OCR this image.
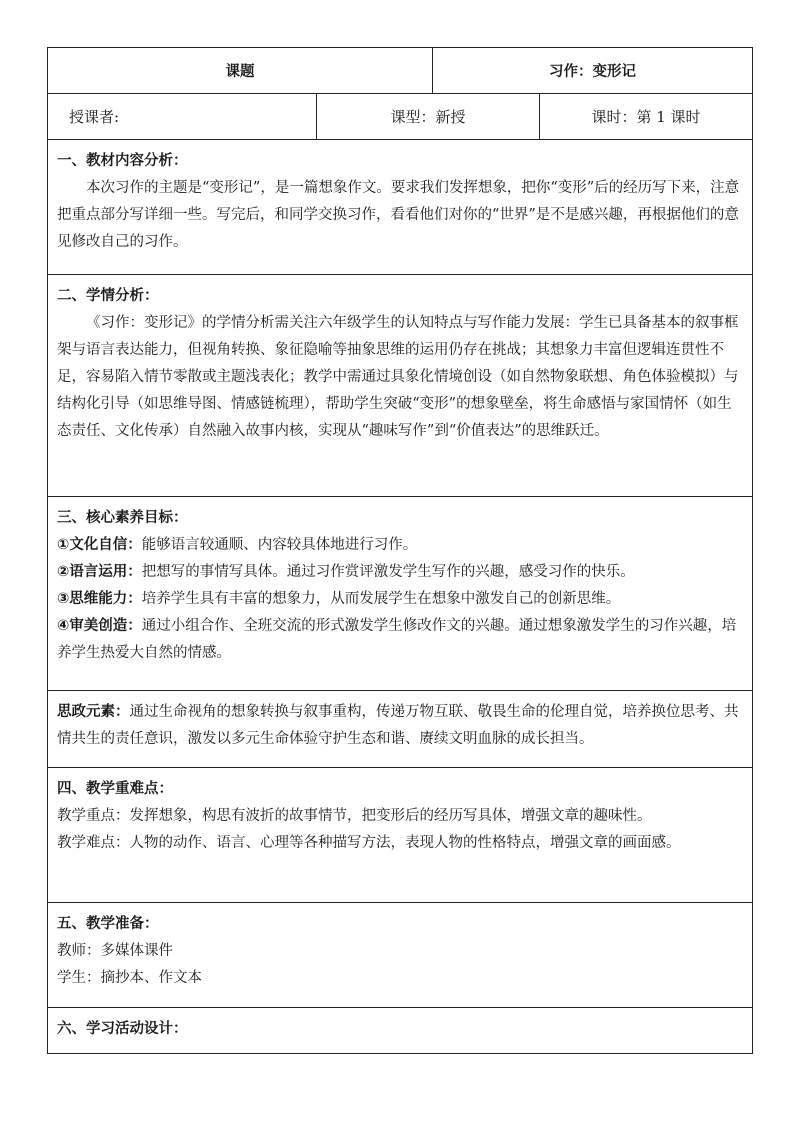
课题	习作：变形记
授课者:	课型：新授	课时：第 1 课时
一、教材内容分析：

本次习作的主题是“变形记”，是一篇想象作文。要求我们发挥想象，把你“变形”后的经历写下来，注意把重点部分写详细一些。写完后，和同学交换习作，看看他们对你的“世界”是不是感兴趣，再根据他们的意见修改自己的习作。

二、学情分析：

《习作：变形记》的学情分析需关注六年级学生的认知特点与写作能力发展：学生已具备基本的叙事框架与语言表达能力，但视角转换、象征隐喻等抽象思维的运用仍存在挑战；其想象力丰富但逻辑连贯性不足，容易陷入情节零散或主题浅表化；教学中需通过具象化情境创设（如自然物象联想、角色体验模拟）与结构化引导（如思维导图、情感链梳理），帮助学生突破“变形”的想象壁垒，将生命感悟与家国情怀（如生态责任、文化传承）自然融入故事内核，实现从“趣味写作”到“价值表达”的思维跃迁。

三、核心素养目标：

①文化自信：能够语言较通顺、内容较具体地进行习作。

②语言运用：把想写的事情写具体。通过习作赏评激发学生写作的兴趣，感受习作的快乐。

③思维能力：培养学生具有丰富的想象力，从而发展学生在想象中激发自己的创新思维。

④审美创造：通过小组合作、全班交流的形式激发学生修改作文的兴趣。通过想象激发学生的习作兴趣，培养学生热爱大自然的情感。

思政元素：通过生命视角的想象转换与叙事重构，传递万物互联、敬畏生命的伦理自觉，培养换位思考、共情共生的责任意识，激发以多元生命体验守护生态和谐、赓续文明血脉的成长担当。

四、教学重难点：

教学重点：发挥想象，构思有波折的故事情节，把变形后的经历写具体，增强文章的趣味性。

教学难点：人物的动作、语言、心理等各种描写方法，表现人物的性格特点，增强文章的画面感。

五、教学准备：

教师：多媒体课件

学生：摘抄本、作文本

六、学习活动设计：
